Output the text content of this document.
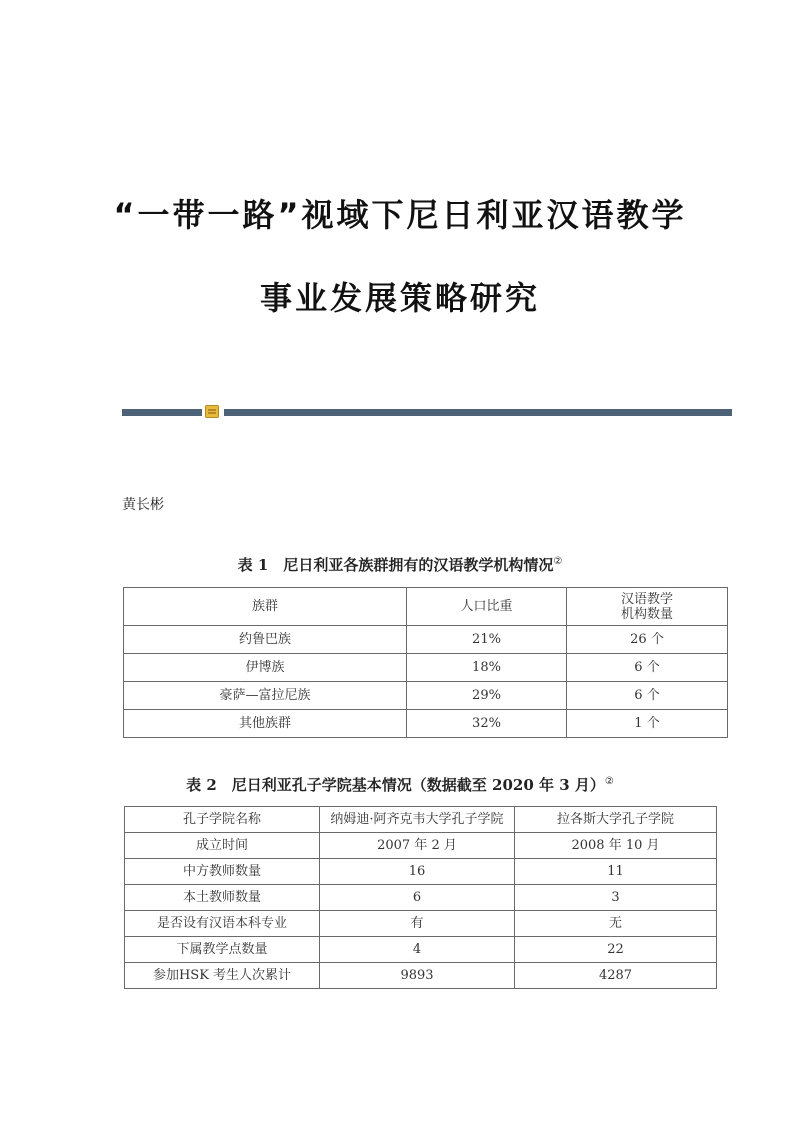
“一带一路”视域下尼日利亚汉语教学
事业发展策略研究
黄长彬
表 1　尼日利亚各族群拥有的汉语教学机构情况②
族群	人口比重	汉语教学
机构数量
约鲁巴族	21%	26 个
伊博族	18%	6 个
豪萨—富拉尼族	29%	6 个
其他族群	32%	1 个
表 2　尼日利亚孔子学院基本情况（数据截至 2020 年 3 月）②
孔子学院名称	纳姆迪·阿齐克韦大学孔子学院	拉各斯大学孔子学院
成立时间	2007 年 2 月	2008 年 10 月
中方教师数量	16	11
本土教师数量	6	3
是否设有汉语本科专业	有	无
下属教学点数量	4	22
参加HSK 考生人次累计	9893	4287
